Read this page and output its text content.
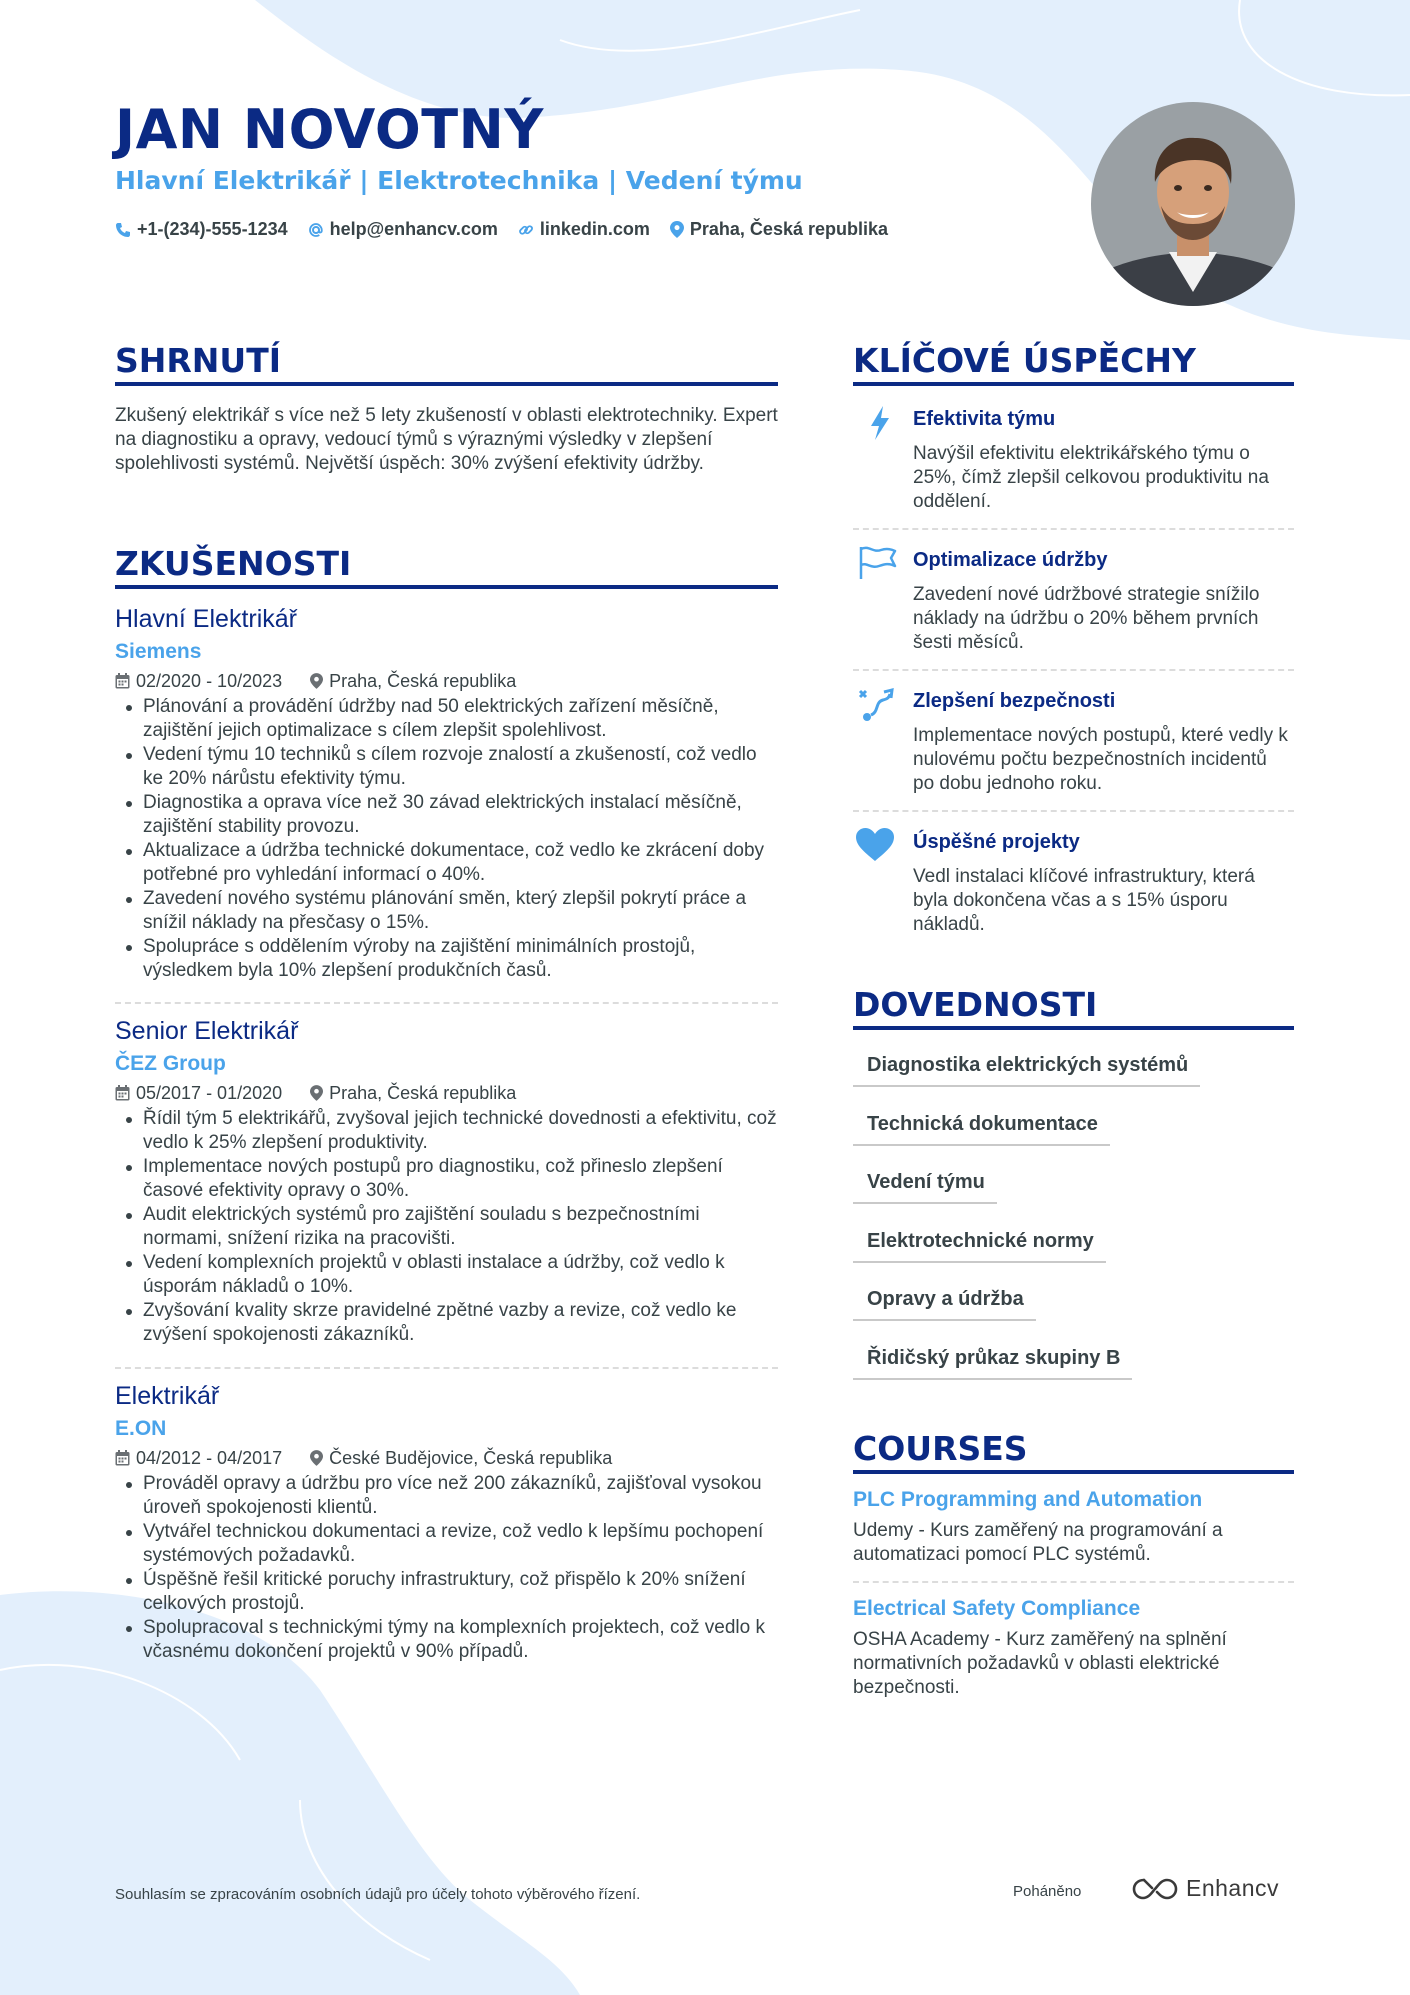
JAN NOVOTNÝ
Hlavní Elektrikář | Elektrotechnika | Vedení týmu
+1-(234)-555-1234 help@enhancv.com linkedin.com Praha, Česká republika
SHRNUTÍ
Zkušený elektrikář s více než 5 lety zkušeností v oblasti elektrotechniky. Expert na diagnostiku a opravy, vedoucí týmů s výraznými výsledky v zlepšení spolehlivosti systémů. Největší úspěch: 30% zvýšení efektivity údržby.
ZKUŠENOSTI
Hlavní Elektrikář
Siemens
02/2020 - 10/2023	Praha, Česká republika
Plánování a provádění údržby nad 50 elektrických zařízení měsíčně, zajištění jejich optimalizace s cílem zlepšit spolehlivost.
Vedení týmu 10 techniků s cílem rozvoje znalostí a zkušeností, což vedlo ke 20% nárůstu efektivity týmu.
Diagnostika a oprava více než 30 závad elektrických instalací měsíčně, zajištění stability provozu.
Aktualizace a údržba technické dokumentace, což vedlo ke zkrácení doby potřebné pro vyhledání informací o 40%.
Zavedení nového systému plánování směn, který zlepšil pokrytí práce a snížil náklady na přesčasy o 15%.
Spolupráce s oddělením výroby na zajištění minimálních prostojů, výsledkem byla 10% zlepšení produkčních časů.
Senior Elektrikář
ČEZ Group
05/2017 - 01/2020	Praha, Česká republika
Řídil tým 5 elektrikářů, zvyšoval jejich technické dovednosti a efektivitu, což vedlo k 25% zlepšení produktivity.
Implementace nových postupů pro diagnostiku, což přineslo zlepšení časové efektivity opravy o 30%.
Audit elektrických systémů pro zajištění souladu s bezpečnostními normami, snížení rizika na pracovišti.
Vedení komplexních projektů v oblasti instalace a údržby, což vedlo k úsporám nákladů o 10%.
Zvyšování kvality skrze pravidelné zpětné vazby a revize, což vedlo ke zvýšení spokojenosti zákazníků.
Elektrikář
E.ON
04/2012 - 04/2017	České Budějovice, Česká republika
Prováděl opravy a údržbu pro více než 200 zákazníků, zajišťoval vysokou úroveň spokojenosti klientů.
Vytvářel technickou dokumentaci a revize, což vedlo k lepšímu pochopení systémových požadavků.
Úspěšně řešil kritické poruchy infrastruktury, což přispělo k 20% snížení celkových prostojů.
Spolupracoval s technickými týmy na komplexních projektech, což vedlo k včasnému dokončení projektů v 90% případů.
KLÍČOVÉ ÚSPĚCHY
Efektivita týmu
Navýšil efektivitu elektrikářského týmu o 25%, čímž zlepšil celkovou produktivitu na oddělení.
Optimalizace údržby
Zavedení nové údržbové strategie snížilo náklady na údržbu o 20% během prvních šesti měsíců.
Zlepšení bezpečnosti
Implementace nových postupů, které vedly k nulovému počtu bezpečnostních incidentů po dobu jednoho roku.
Úspěšné projekty
Vedl instalaci klíčové infrastruktury, která byla dokončena včas a s 15% úsporu nákladů.
DOVEDNOSTI
Diagnostika elektrických systémů
Technická dokumentace
Vedení týmu
Elektrotechnické normy
Opravy a údržba
Řidičský průkaz skupiny B
COURSES
PLC Programming and Automation
Udemy - Kurs zaměřený na programování a automatizaci pomocí PLC systémů.
Electrical Safety Compliance
OSHA Academy - Kurz zaměřený na splnění normativních požadavků v oblasti elektrické bezpečnosti.
Souhlasím se zpracováním osobních údajů pro účely tohoto výběrového řízení.	Poháněno	Enhancv
